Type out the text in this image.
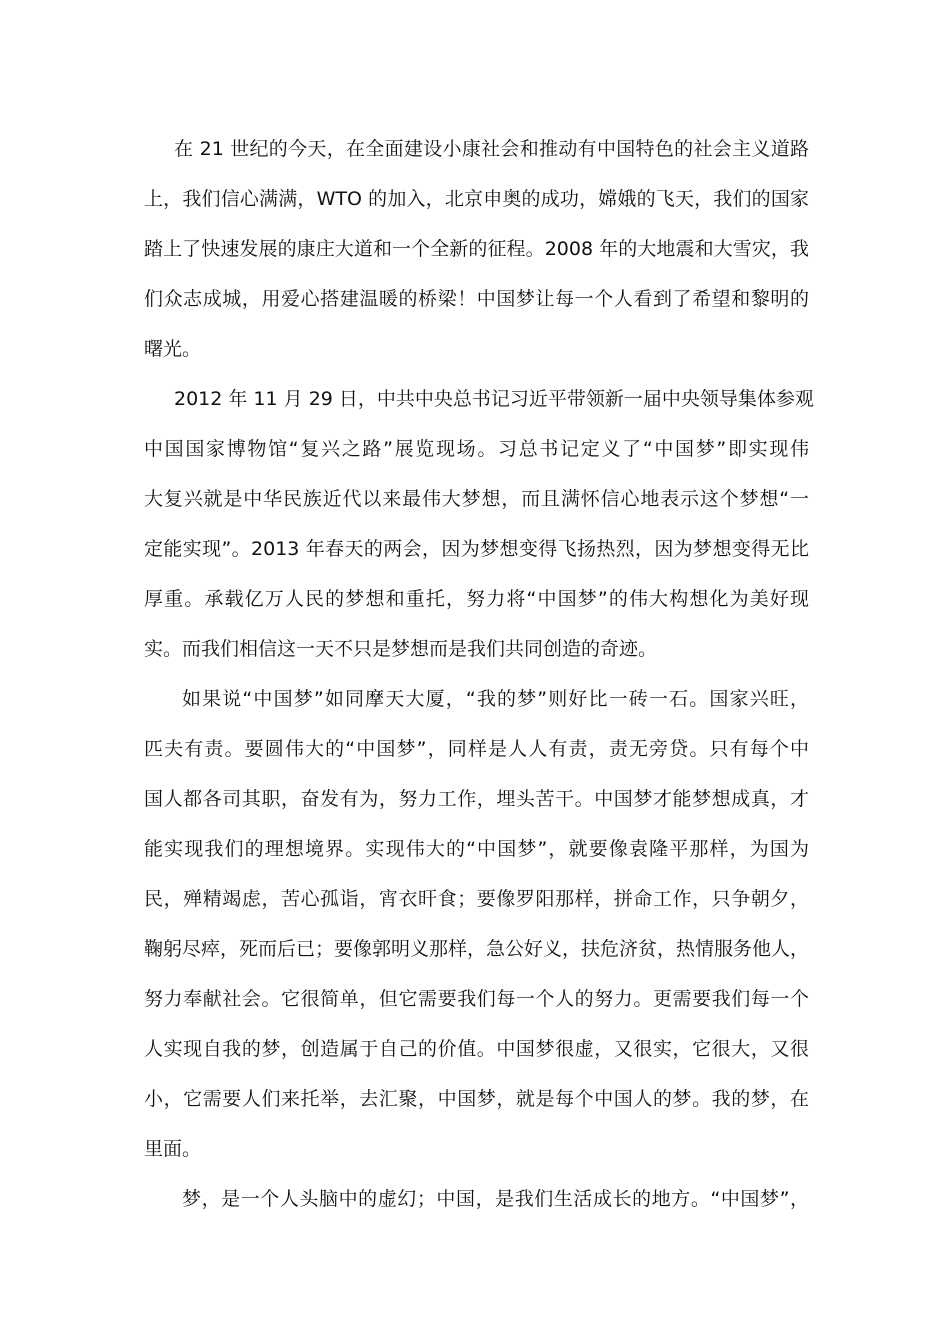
在 21 世纪的今天，在全面建设小康社会和推动有中国特色的社会主义道路
上，我们信心满满，WTO 的加入，北京申奥的成功，嫦娥的飞天，我们的国家
踏上了快速发展的康庄大道和一个全新的征程。2008 年的大地震和大雪灾，我
们众志成城，用爱心搭建温暖的桥梁！中国梦让每一个人看到了希望和黎明的
曙光。
2012 年 11 月 29 日，中共中央总书记习近平带领新一届中央领导集体参观
中国国家博物馆“复兴之路”展览现场。习总书记定义了“中国梦”即实现伟
大复兴就是中华民族近代以来最伟大梦想，而且满怀信心地表示这个梦想“一
定能实现”。2013 年春天的两会，因为梦想变得飞扬热烈，因为梦想变得无比
厚重。承载亿万人民的梦想和重托，努力将“中国梦”的伟大构想化为美好现
实。而我们相信这一天不只是梦想而是我们共同创造的奇迹。
如果说“中国梦”如同摩天大厦，“我的梦”则好比一砖一石。国家兴旺，
匹夫有责。要圆伟大的“中国梦”，同样是人人有责，责无旁贷。只有每个中
国人都各司其职，奋发有为，努力工作，埋头苦干。中国梦才能梦想成真，才
能实现我们的理想境界。实现伟大的“中国梦”，就要像袁隆平那样，为国为
民，殚精竭虑，苦心孤诣，宵衣旰食；要像罗阳那样，拼命工作，只争朝夕，
鞠躬尽瘁，死而后已；要像郭明义那样，急公好义，扶危济贫，热情服务他人，
努力奉献社会。它很简单，但它需要我们每一个人的努力。更需要我们每一个
人实现自我的梦，创造属于自己的价值。中国梦很虚，又很实，它很大，又很
小，它需要人们来托举，去汇聚，中国梦，就是每个中国人的梦。我的梦，在
里面。
梦，是一个人头脑中的虚幻；中国，是我们生活成长的地方。“中国梦”，
